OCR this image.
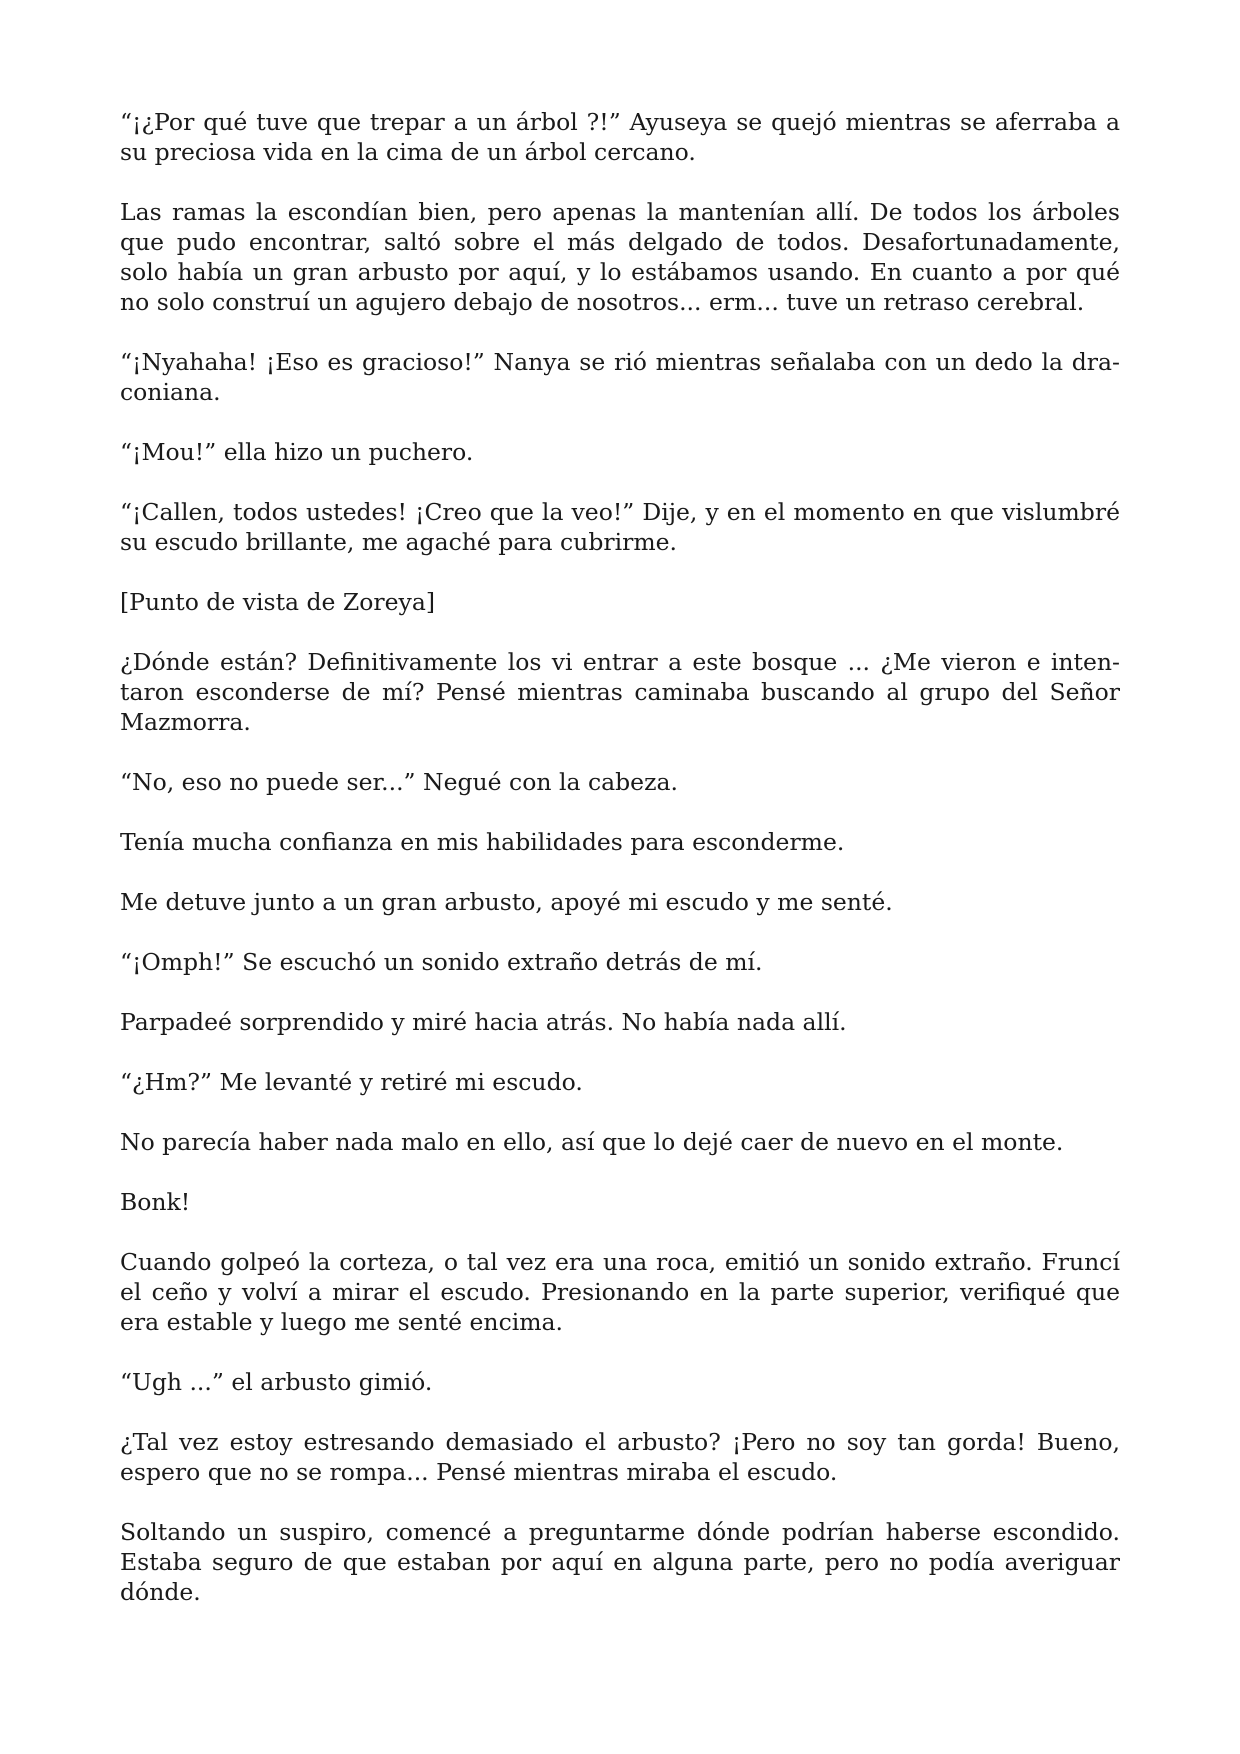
“¡¿Por qué tuve que trepar a un árbol ?!” Ayuseya se quejó mientras se aferraba a su preciosa vida en la cima de un árbol cercano.

Las ramas la escondían bien, pero apenas la mantenían allí. De todos los árboles que pudo encontrar, saltó sobre el más delgado de todos. Desafortunadamente, solo había un gran arbusto por aquí, y lo estábamos usando. En cuanto a por qué no solo construí un agujero debajo de nosotros... erm... tuve un retraso cerebral.

“¡Nyahaha! ¡Eso es gracioso!” Nanya se rió mientras señalaba con un dedo la draconiana.

“¡Mou!” ella hizo un puchero.

“¡Callen, todos ustedes! ¡Creo que la veo!” Dije, y en el momento en que vislumbré su escudo brillante, me agaché para cubrirme.

[Punto de vista de Zoreya]

¿Dónde están? Definitivamente los vi entrar a este bosque ... ¿Me vieron e intentaron esconderse de mí? Pensé mientras caminaba buscando al grupo del Señor Mazmorra.

“No, eso no puede ser...” Negué con la cabeza.

Tenía mucha confianza en mis habilidades para esconderme.

Me detuve junto a un gran arbusto, apoyé mi escudo y me senté.

“¡Omph!” Se escuchó un sonido extraño detrás de mí.

Parpadeé sorprendido y miré hacia atrás. No había nada allí.

“¿Hm?” Me levanté y retiré mi escudo.

No parecía haber nada malo en ello, así que lo dejé caer de nuevo en el monte.

Bonk!

Cuando golpeó la corteza, o tal vez era una roca, emitió un sonido extraño. Fruncí el ceño y volví a mirar el escudo. Presionando en la parte superior, verifiqué que era estable y luego me senté encima.

“Ugh ...” el arbusto gimió.

¿Tal vez estoy estresando demasiado el arbusto? ¡Pero no soy tan gorda! Bueno, espero que no se rompa... Pensé mientras miraba el escudo.

Soltando un suspiro, comencé a preguntarme dónde podrían haberse escondido. Estaba seguro de que estaban por aquí en alguna parte, pero no podía averiguar dónde.
